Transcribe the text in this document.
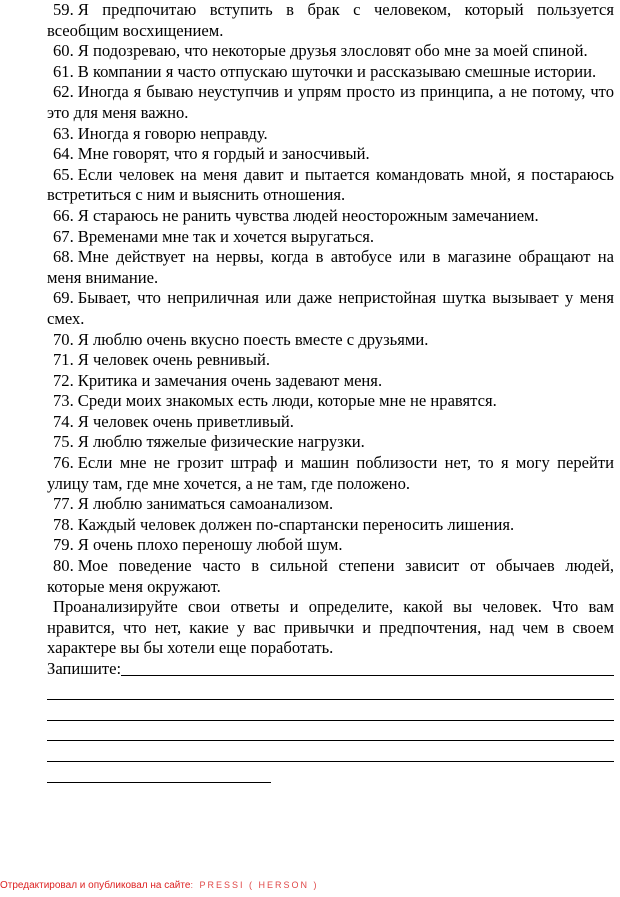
59. Я предпочитаю вступить в брак с человеком, который пользуется всеобщим восхищением.

60. Я подозреваю, что некоторые друзья злословят обо мне за моей спиной.

61. В компании я часто отпускаю шуточки и рассказываю смешные истории.

62. Иногда я бываю неуступчив и упрям просто из принципа, а не потому, что это для меня важно.

63. Иногда я говорю неправду.

64. Мне говорят, что я гордый и заносчивый.

65. Если человек на меня давит и пытается командовать мной, я постараюсь встретиться с ним и выяснить отношения.

66. Я стараюсь не ранить чувства людей неосторожным замечанием.

67. Временами мне так и хочется выругаться.

68. Мне действует на нервы, когда в автобусе или в магазине обращают на меня внимание.

69. Бывает, что неприличная или даже непристойная шутка вызывает у меня смех.

70. Я люблю очень вкусно поесть вместе с друзьями.

71. Я человек очень ревнивый.

72. Критика и замечания очень задевают меня.

73. Среди моих знакомых есть люди, которые мне не нравятся.

74. Я человек очень приветливый.

75. Я люблю тяжелые физические нагрузки.

76. Если мне не грозит штраф и машин поблизости нет, то я могу перейти улицу там, где мне хочется, а не там, где положено.

77. Я люблю заниматься самоанализом.

78. Каждый человек должен по-спартански переносить лишения.

79. Я очень плохо переношу любой шум.

80. Мое поведение часто в сильной степени зависит от обычаев людей, которые меня окружают.

Проанализируйте свои ответы и определите, какой вы человек. Что вам нравится, что нет, какие у вас привычки и предпочтения, над чем в своем характере вы бы хотели еще поработать.

Запишите:
Отредактировал и опубликовал на сайте: PRESSI ( HERSON )
